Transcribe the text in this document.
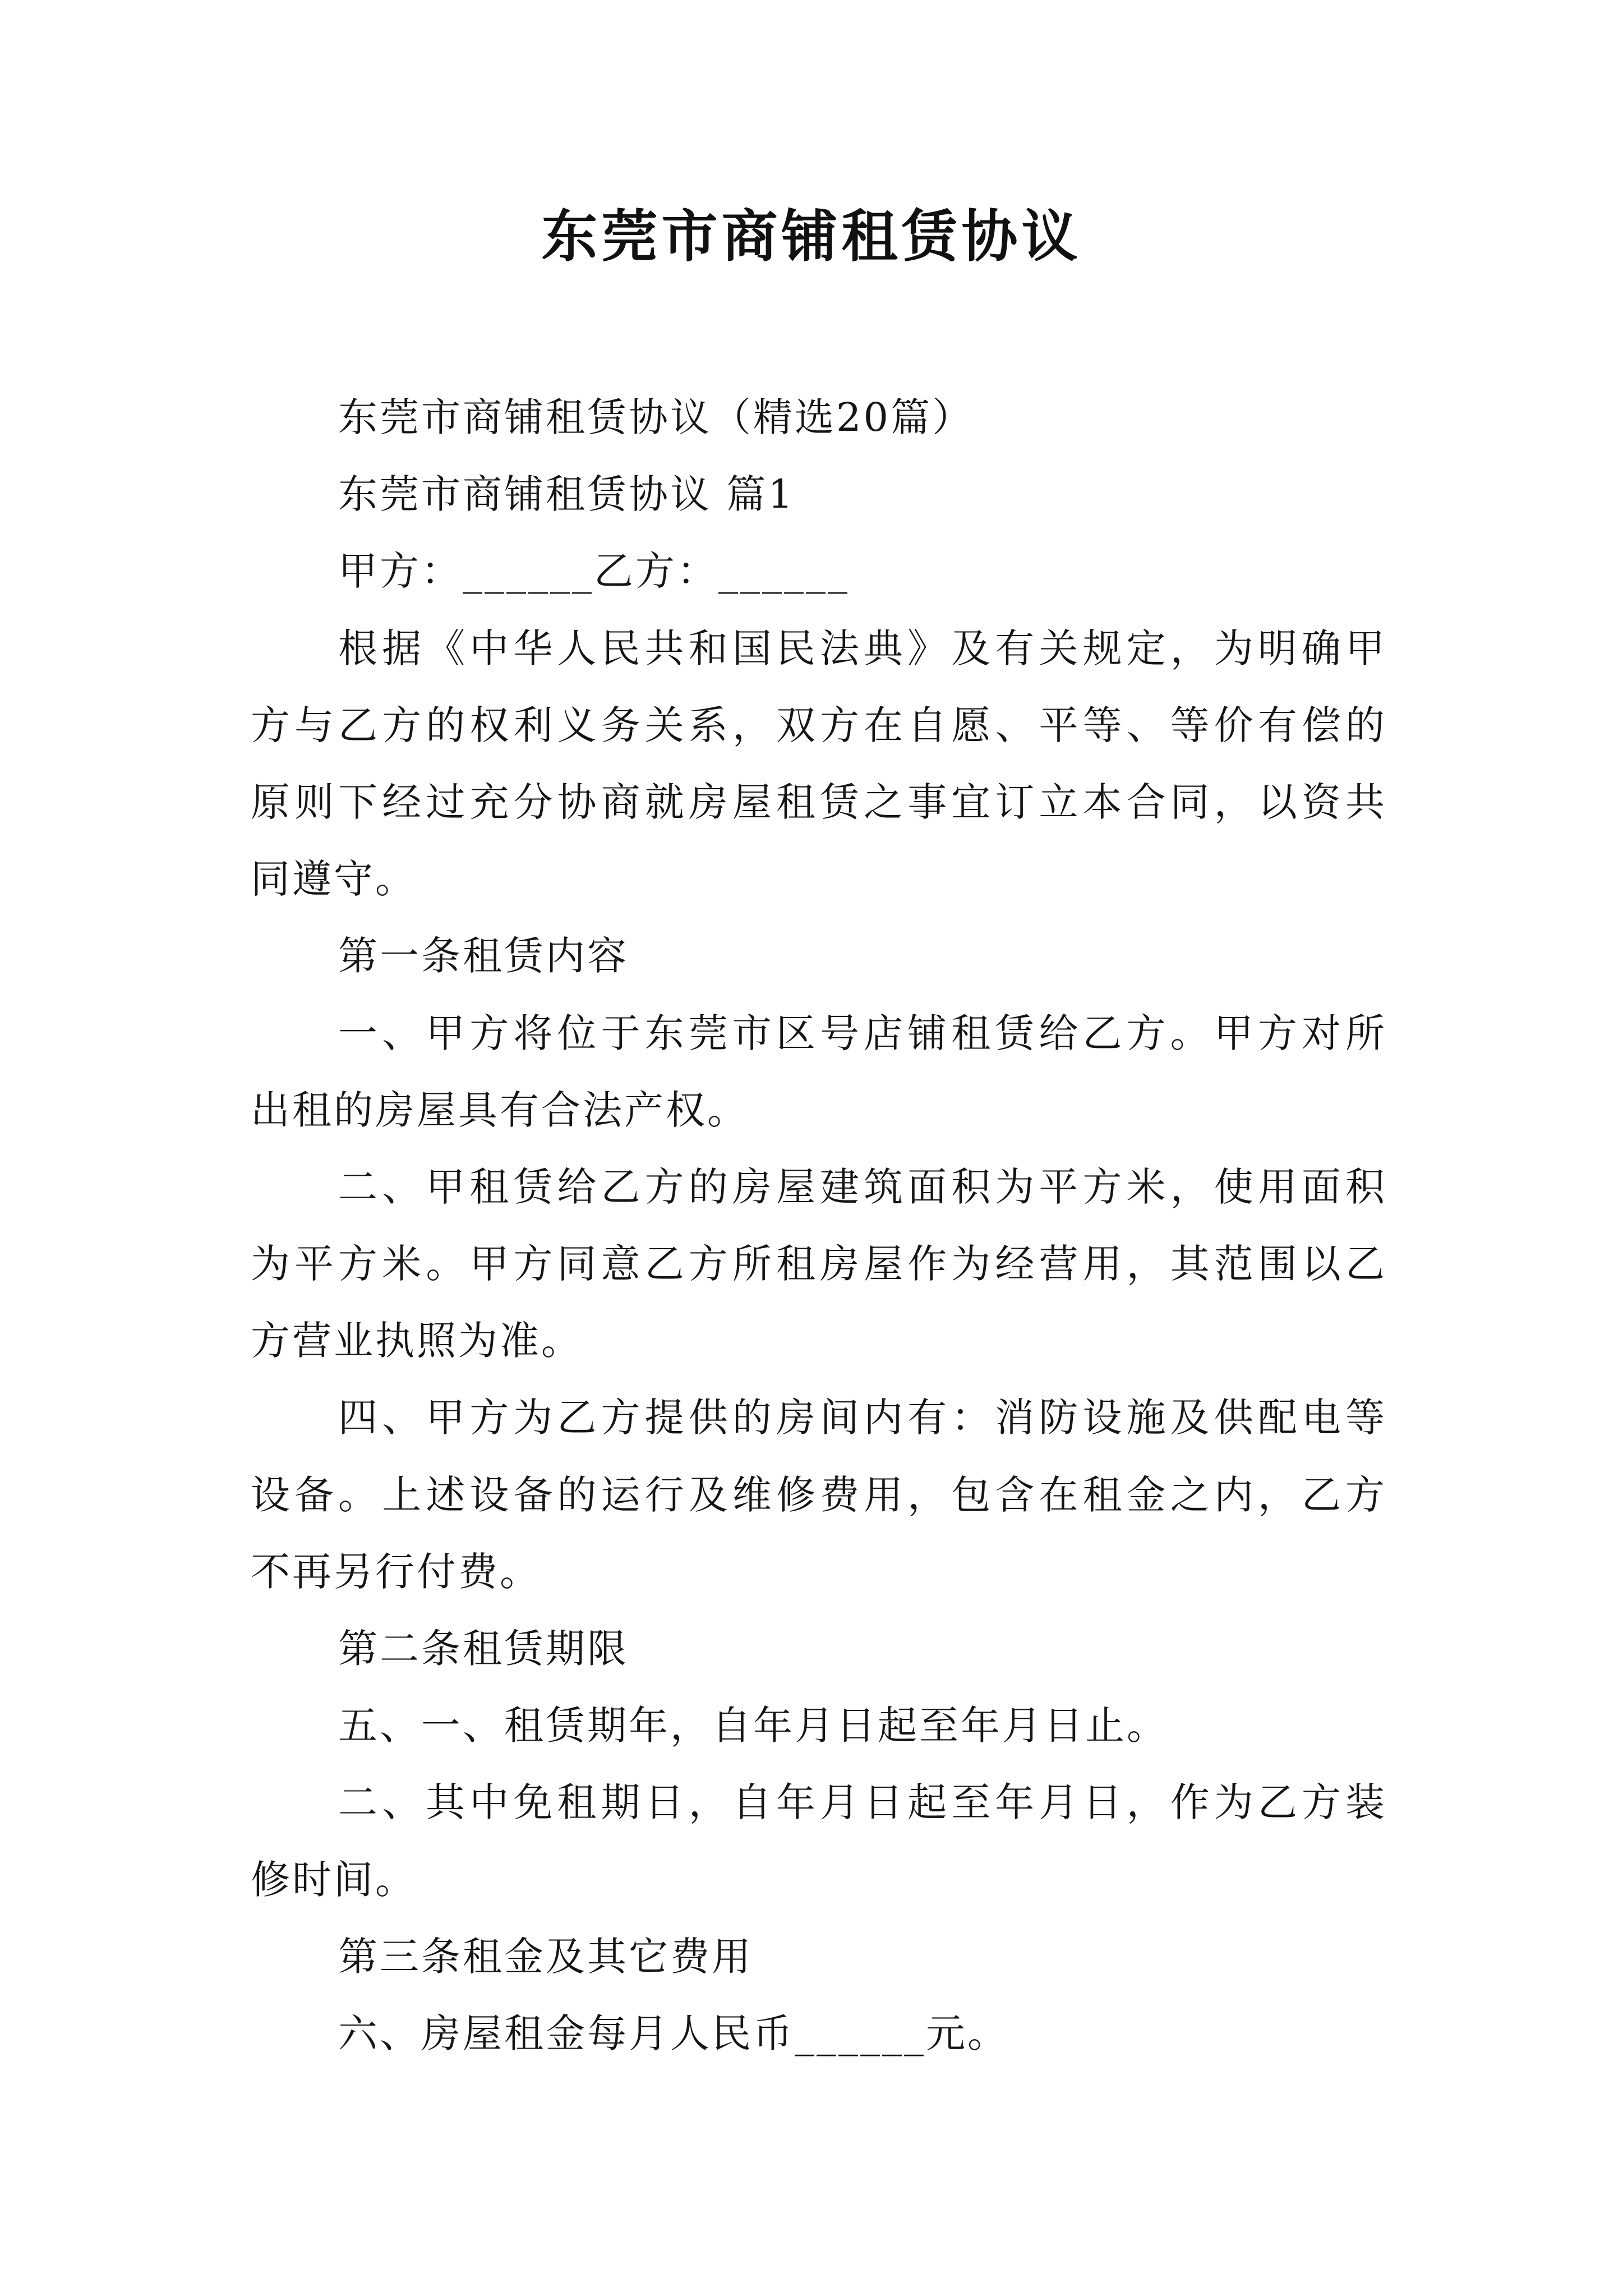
东莞市商铺租赁协议
东莞市商铺租赁协议（精选20篇）
东莞市商铺租赁协议 篇1
甲方：______乙方：______
根据《中华人民共和国民法典》及有关规定，为明确甲
方与乙方的权利义务关系，双方在自愿、平等、等价有偿的
原则下经过充分协商就房屋租赁之事宜订立本合同，以资共
同遵守。
第一条租赁内容
一、甲方将位于东莞市区号店铺租赁给乙方。甲方对所
出租的房屋具有合法产权。
二、甲租赁给乙方的房屋建筑面积为平方米，使用面积
为平方米。甲方同意乙方所租房屋作为经营用，其范围以乙
方营业执照为准。
四、甲方为乙方提供的房间内有：消防设施及供配电等
设备。上述设备的运行及维修费用，包含在租金之内，乙方
不再另行付费。
第二条租赁期限
五、一、租赁期年，自年月日起至年月日止。
二、其中免租期日，自年月日起至年月日，作为乙方装
修时间。
第三条租金及其它费用
六、房屋租金每月人民币______元。
